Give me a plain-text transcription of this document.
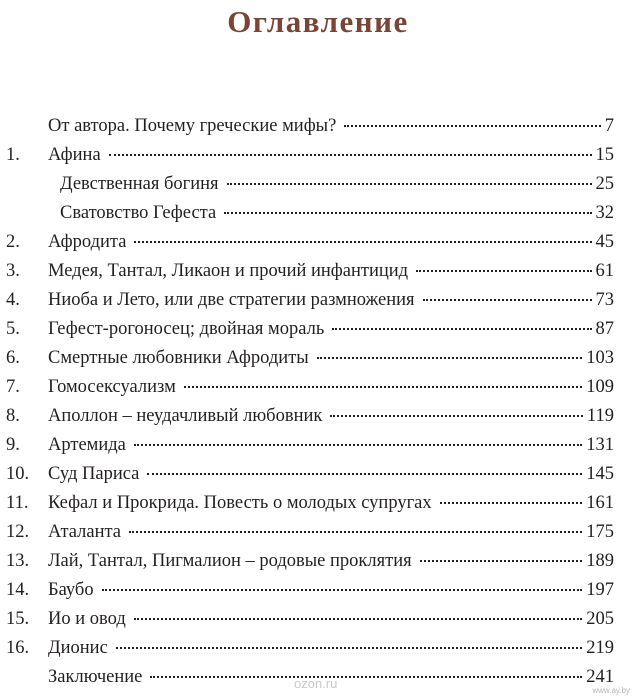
Оглавление
От автора. Почему греческие мифы?	7
1. Афина	15
Девственная богиня	25
Сватовство Гефеста	32
2. Афродита	45
3. Медея, Тантал, Ликаон и прочий инфантицид	61
4. Ниоба и Лето, или две стратегии размножения	73
5. Гефест-рогоносец; двойная мораль	87
6. Смертные любовники Афродиты	103
7. Гомосексуализм	109
8. Аполлон – неудачливый любовник	119
9. Артемида	131
10. Суд Париса	145
11. Кефал и Прокрида. Повесть о молодых супругах	161
12. Аталанта	175
13. Лай, Тантал, Пигмалион – родовые проклятия	189
14. Баубо	197
15. Ио и овод	205
16. Дионис	219
Заключение	241
ozon.ru	www.ay.by
